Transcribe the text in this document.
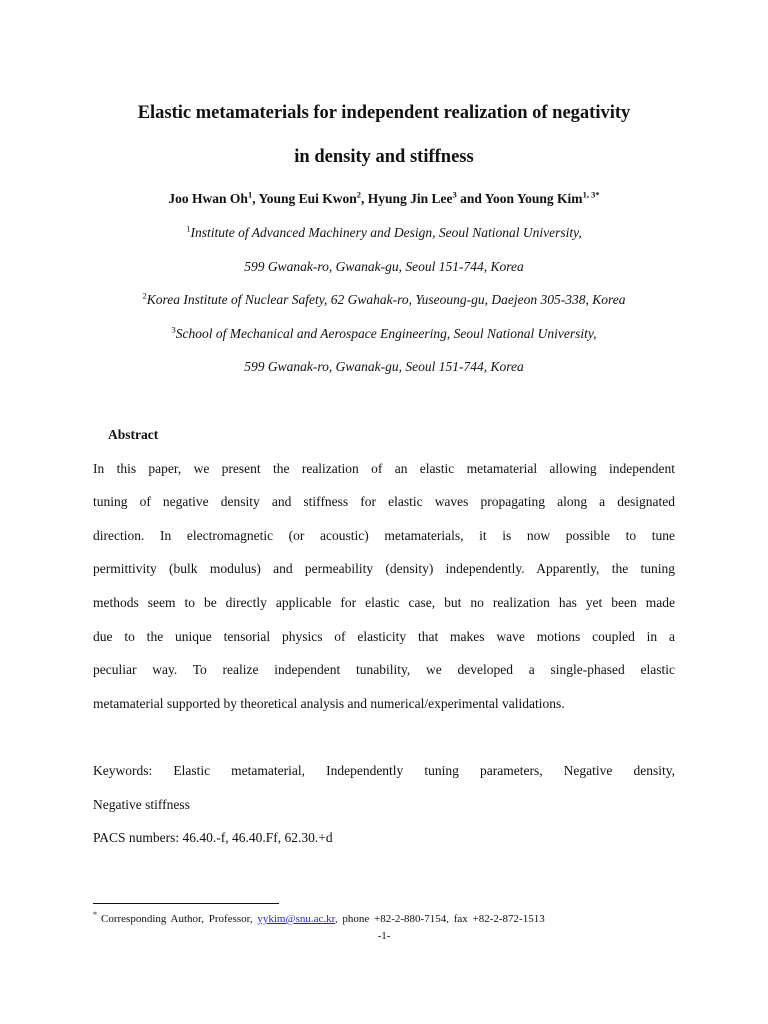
Elastic metamaterials for independent realization of negativity
in density and stiffness
Joo Hwan Oh$^1$, Young Eui Kwon$^2$, Hyung Jin Lee$^3$ and Yoon Young Kim$^{1, 3*}$
$^1$Institute of Advanced Machinery and Design, Seoul National University,
599 Gwanak-ro, Gwanak-gu, Seoul 151-744, Korea
$^2$Korea Institute of Nuclear Safety, 62 Gwahak-ro, Yuseoung-gu, Daejeon 305-338, Korea
$^3$School of Mechanical and Aerospace Engineering, Seoul National University,
599 Gwanak-ro, Gwanak-gu, Seoul 151-744, Korea
Abstract
In this paper, we present the realization of an elastic metamaterial allowing independent
tuning of negative density and stiffness for elastic waves propagating along a designated
direction. In electromagnetic (or acoustic) metamaterials, it is now possible to tune
permittivity (bulk modulus) and permeability (density) independently. Apparently, the tuning
methods seem to be directly applicable for elastic case, but no realization has yet been made
due to the unique tensorial physics of elasticity that makes wave motions coupled in a
peculiar way. To realize independent tunability, we developed a single-phased elastic
metamaterial supported by theoretical analysis and numerical/experimental validations.
Keywords: Elastic metamaterial, Independently tuning parameters, Negative density,
Negative stiffness
PACS numbers: 46.40.-f, 46.40.Ff, 62.30.+d
* Corresponding Author, Professor, yykim@snu.ac.kr, phone +82-2-880-7154, fax +82-2-872-1513
-1-
